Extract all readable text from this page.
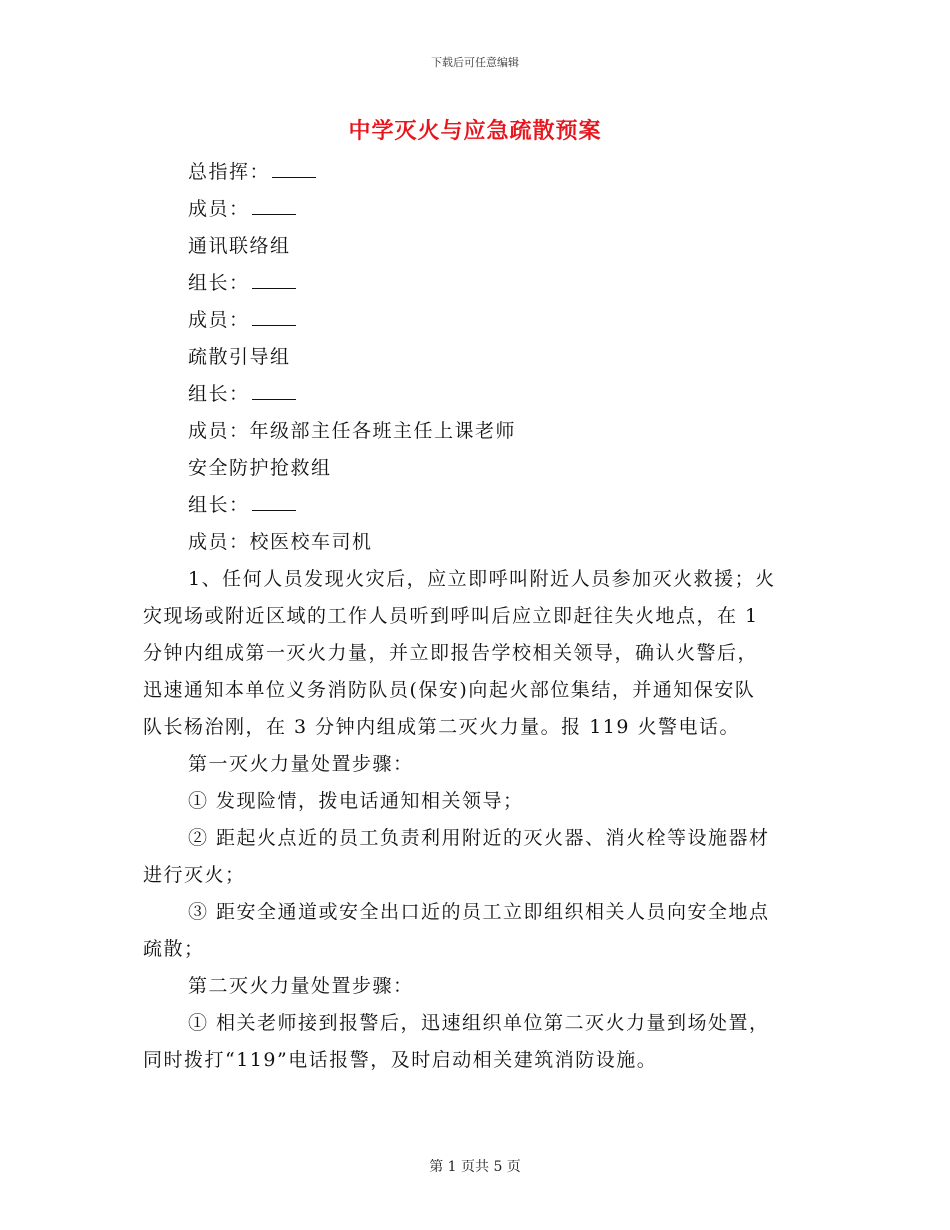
下载后可任意编辑
中学灭火与应急疏散预案
总指挥：
成员：
通讯联络组
组长：
成员：
疏散引导组
组长：
成员：年级部主任各班主任上课老师
安全防护抢救组
组长：
成员：校医校车司机
1、任何人员发现火灾后，应立即呼叫附近人员参加灭火救援；火
灾现场或附近区域的工作人员听到呼叫后应立即赶往失火地点，在 1
分钟内组成第一灭火力量，并立即报告学校相关领导，确认火警后，
迅速通知本单位义务消防队员(保安)向起火部位集结，并通知保安队
队长杨治刚，在 3 分钟内组成第二灭火力量。报 119 火警电话。
第一灭火力量处置步骤：
① 发现险情，拨电话通知相关领导；
② 距起火点近的员工负责利用附近的灭火器、消火栓等设施器材
进行灭火；
③ 距安全通道或安全出口近的员工立即组织相关人员向安全地点
疏散；
第二灭火力量处置步骤：
① 相关老师接到报警后，迅速组织单位第二灭火力量到场处置，
同时拨打“119”电话报警，及时启动相关建筑消防设施。
第 1 页共 5 页
